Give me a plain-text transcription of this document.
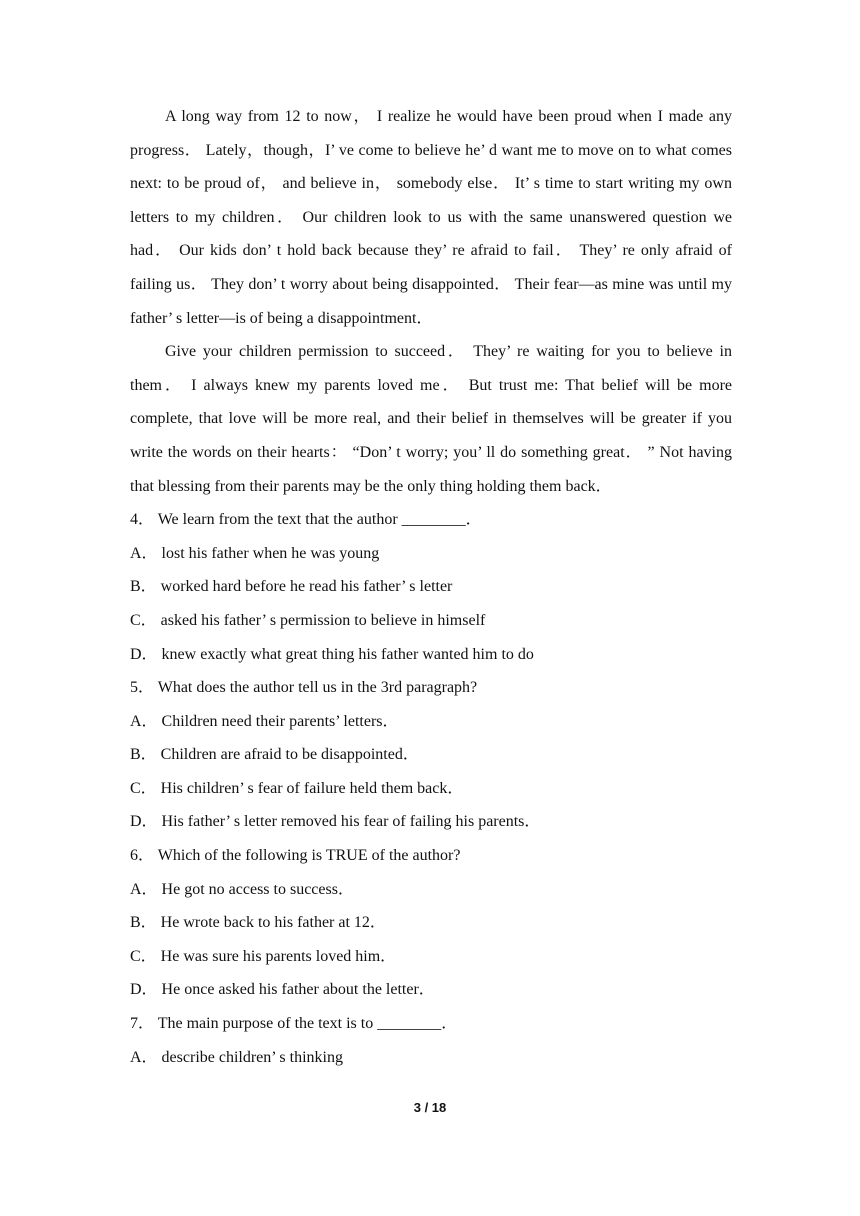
A long way from 12 to now， I realize he would have been proud when I made any progress． Lately，though，I’ ve come to believe he’ d want me to move on to what comes next: to be proud of， and believe in， somebody else． It’ s time to start writing my own letters to my children． Our children look to us with the same unanswered question we had． Our kids don’ t hold back because they’ re afraid to fail． They’ re only afraid of failing us． They don’ t worry about being disappointed． Their fear—as mine was until my father’ s letter—is of being a disappointment．

Give your children permission to succeed． They’ re waiting for you to believe in them． I always knew my parents loved me． But trust me: That belief will be more complete, that love will be more real, and their belief in themselves will be greater if you write the words on their hearts： “Don’ t worry; you’ ll do something great． ” Not having that blessing from their parents may be the only thing holding them back．

4． We learn from the text that the author ________．

A． lost his father when he was young

B． worked hard before he read his father’ s letter

C． asked his father’ s permission to believe in himself

D． knew exactly what great thing his father wanted him to do

5． What does the author tell us in the 3rd paragraph?

A． Children need their parents’ letters．

B． Children are afraid to be disappointed．

C． His children’ s fear of failure held them back．

D． His father’ s letter removed his fear of failing his parents．

6． Which of the following is TRUE of the author?

A． He got no access to success．

B． He wrote back to his father at 12．

C． He was sure his parents loved him．

D． He once asked his father about the letter．

7． The main purpose of the text is to ________．

A． describe children’ s thinking

3 / 18
